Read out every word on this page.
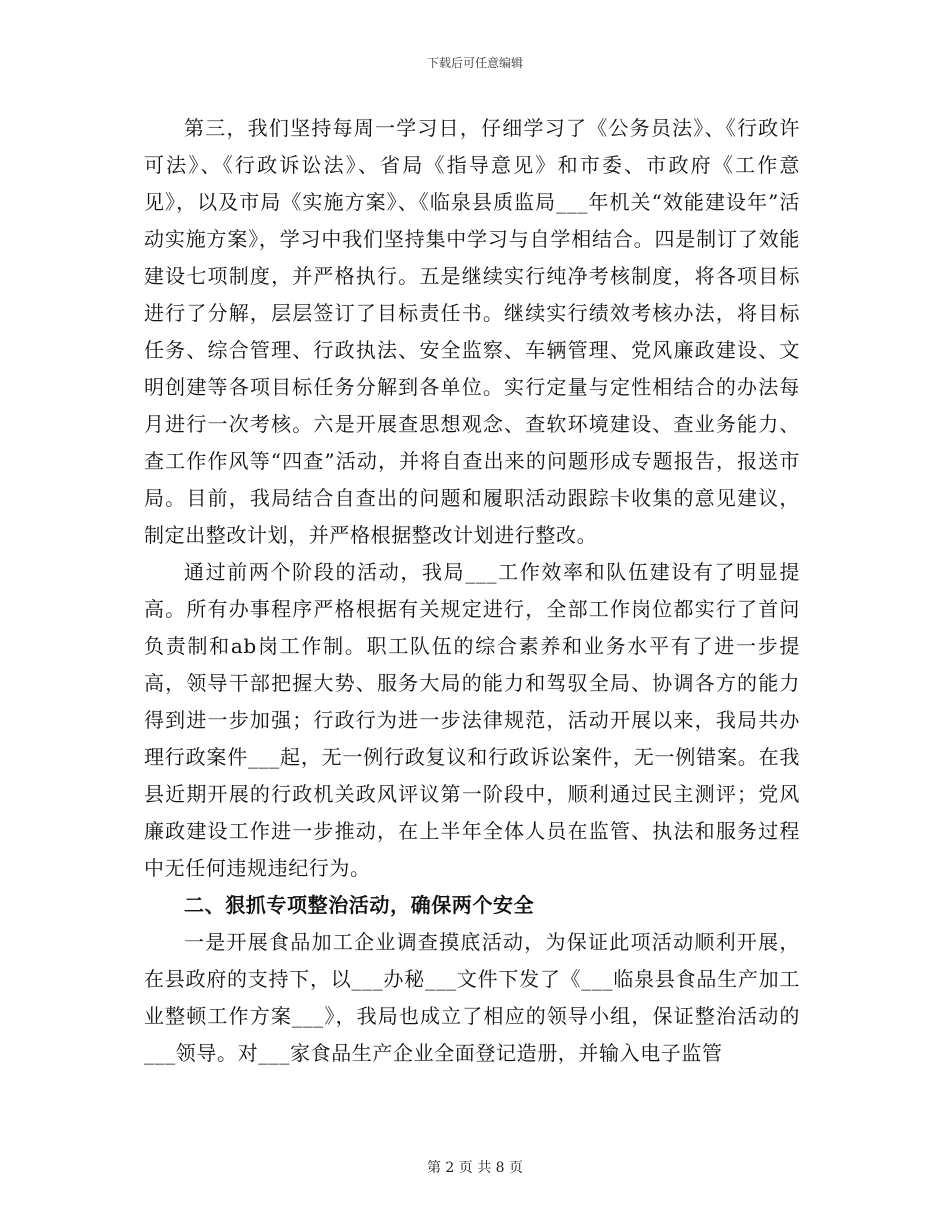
下载后可任意编辑

第三，我们坚持每周一学习日，仔细学习了《公务员法》、《行政许可法》、《行政诉讼法》、省局《指导意见》和市委、市政府《工作意见》，以及市局《实施方案》、《临泉县质监局___年机关“效能建设年”活动实施方案》，学习中我们坚持集中学习与自学相结合。四是制订了效能建设七项制度，并严格执行。五是继续实行纯净考核制度，将各项目标进行了分解，层层签订了目标责任书。继续实行绩效考核办法，将目标任务、综合管理、行政执法、安全监察、车辆管理、党风廉政建设、文明创建等各项目标任务分解到各单位。实行定量与定性相结合的办法每月进行一次考核。六是开展查思想观念、查软环境建设、查业务能力、查工作作风等“四查”活动，并将自查出来的问题形成专题报告，报送市局。目前，我局结合自查出的问题和履职活动跟踪卡收集的意见建议，制定出整改计划，并严格根据整改计划进行整改。

通过前两个阶段的活动，我局___工作效率和队伍建设有了明显提高。所有办事程序严格根据有关规定进行，全部工作岗位都实行了首问负责制和ab岗工作制。职工队伍的综合素养和业务水平有了进一步提高，领导干部把握大势、服务大局的能力和驾驭全局、协调各方的能力得到进一步加强；行政行为进一步法律规范，活动开展以来，我局共办理行政案件___起，无一例行政复议和行政诉讼案件，无一例错案。在我县近期开展的行政机关政风评议第一阶段中，顺利通过民主测评；党风廉政建设工作进一步推动，在上半年全体人员在监管、执法和服务过程中无任何违规违纪行为。

二、狠抓专项整治活动，确保两个安全

一是开展食品加工企业调查摸底活动，为保证此项活动顺利开展，在县政府的支持下，以___办秘___文件下发了《___临泉县食品生产加工业整顿工作方案___》，我局也成立了相应的领导小组，保证整治活动的___领导。对___家食品生产企业全面登记造册，并输入电子监管

第 2 页 共 8 页
